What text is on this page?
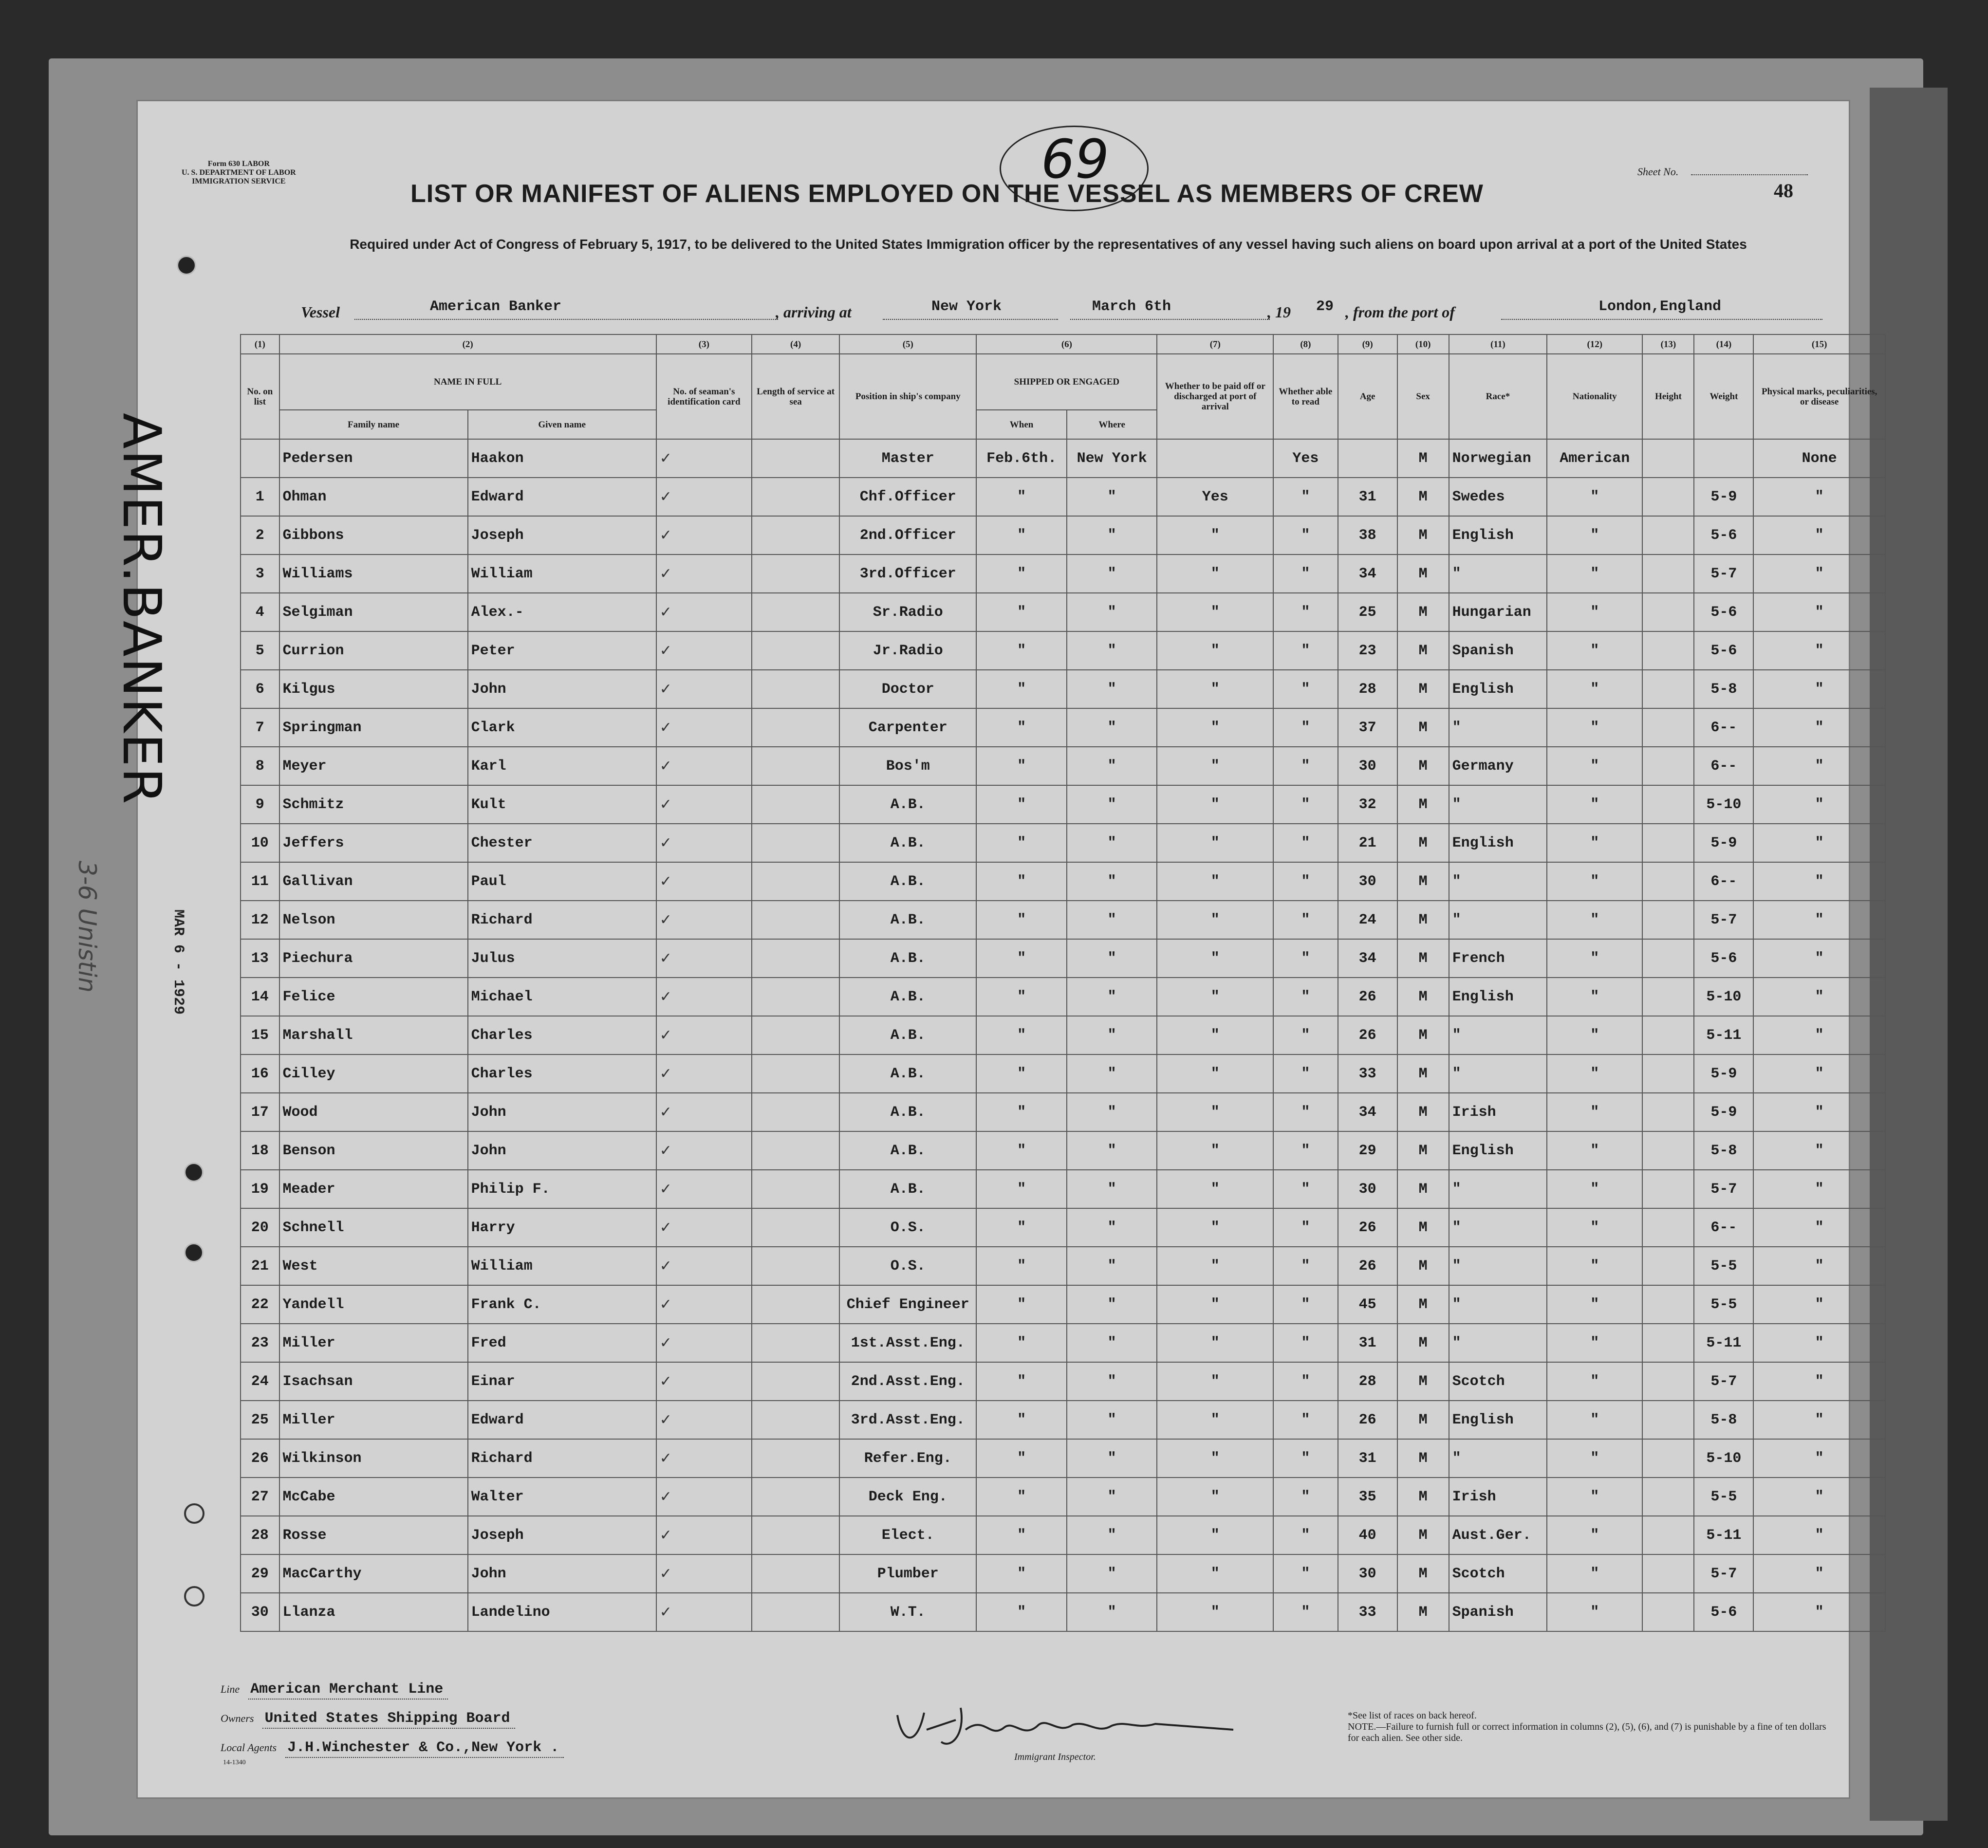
Form 630 LABOR
U. S. DEPARTMENT OF LABOR
IMMIGRATION SERVICE	69
LIST OR MANIFEST OF ALIENS EMPLOYED ON THE VESSEL AS MEMBERS OF CREW
Sheet No.
48
Required under Act of Congress of February 5, 1917, to be delivered to the United States Immigration officer by the representatives of any vessel having such aliens on board upon arrival at a port of the United States
Vessel	American Banker	, arriving at	New York	March 6th	, 19 29 , from the port of	London,England
AMER.BANKER
3-6 Unistin	MAR 6 - 1929
(1)	(2)		(3)	(4)	(5)	(6)		(7)	(8)	(9)	(10)	(11)	(12)	(13)	(14)	(15)
No. on list	NAME IN FULL		No. of seaman's identification card	Length of service at sea	Position in ship's company	SHIPPED OR ENGAGED		Whether to be paid off or discharged at port of arrival	Whether able to read	Age	Sex	Race*	Nationality	Height	Weight	Physical marks, peculiarities, or disease
	Family name	Given name				When	Where									
	Pedersen	Haakon	✓		Master	Feb.6th.	New York		Yes		M	Norwegian	American			None
1	Ohman	Edward	✓		Chf.Officer	"	"	Yes	"	31	M	Swedes	"		5-9	"
2	Gibbons	Joseph	✓		2nd.Officer	"	"	"	"	38	M	English	"		5-6	"
3	Williams	William	✓		3rd.Officer	"	"	"	"	34	M	"	"		5-7	"
4	Selgiman	Alex.-	✓		Sr.Radio	"	"	"	"	25	M	Hungarian	"		5-6	"
5	Currion	Peter	✓		Jr.Radio	"	"	"	"	23	M	Spanish	"		5-6	"
6	Kilgus	John	✓		Doctor	"	"	"	"	28	M	English	"		5-8	"
7	Springman	Clark	✓		Carpenter	"	"	"	"	37	M	"	"		6--	"
8	Meyer	Karl	✓		Bos'm	"	"	"	"	30	M	Germany	"		6--	"
9	Schmitz	Kult	✓		A.B.	"	"	"	"	32	M	"	"		5-10	"
10	Jeffers	Chester	✓		A.B.	"	"	"	"	21	M	English	"		5-9	"
11	Gallivan	Paul	✓		A.B.	"	"	"	"	30	M	"	"		6--	"
12	Nelson	Richard	✓		A.B.	"	"	"	"	24	M	"	"		5-7	"
13	Piechura	Julus	✓		A.B.	"	"	"	"	34	M	French	"		5-6	"
14	Felice	Michael	✓		A.B.	"	"	"	"	26	M	English	"		5-10	"
15	Marshall	Charles	✓		A.B.	"	"	"	"	26	M	"	"		5-11	"
16	Cilley	Charles	✓		A.B.	"	"	"	"	33	M	"	"		5-9	"
17	Wood	John	✓		A.B.	"	"	"	"	34	M	Irish	"		5-9	"
18	Benson	John	✓		A.B.	"	"	"	"	29	M	English	"		5-8	"
19	Meader	Philip F.	✓		A.B.	"	"	"	"	30	M	"	"		5-7	"
20	Schnell	Harry	✓		O.S.	"	"	"	"	26	M	"	"		6--	"
21	West	William	✓		O.S.	"	"	"	"	26	M	"	"		5-5	"
22	Yandell	Frank C.	✓		Chief Engineer	"	"	"	"	45	M	"	"		5-5	"
23	Miller	Fred	✓		1st.Asst.Eng.	"	"	"	"	31	M	"	"		5-11	"
24	Isachsan	Einar	✓		2nd.Asst.Eng.	"	"	"	"	28	M	Scotch	"		5-7	"
25	Miller	Edward	✓		3rd.Asst.Eng.	"	"	"	"	26	M	English	"		5-8	"
26	Wilkinson	Richard	✓		Refer.Eng.	"	"	"	"	31	M	"	"		5-10	"
27	McCabe	Walter	✓		Deck Eng.	"	"	"	"	35	M	Irish	"		5-5	"
28	Rosse	Joseph	✓		Elect.	"	"	"	"	40	M	Aust.Ger.	"		5-11	"
29	MacCarthy	John	✓		Plumber	"	"	"	"	30	M	Scotch	"		5-7	"
30	Llanza	Landelino	✓		W.T.	"	"	"	"	33	M	Spanish	"		5-6	"
Line American Merchant Line
Owners United States Shipping Board
Local Agents J.H.Winchester & Co.,New York .
14-1340
Immigrant Inspector.
*See list of races on back hereof.
NOTE.—Failure to furnish full or correct information in columns (2), (5), (6), and (7) is punishable by a fine of ten dollars for each alien. See other side.
